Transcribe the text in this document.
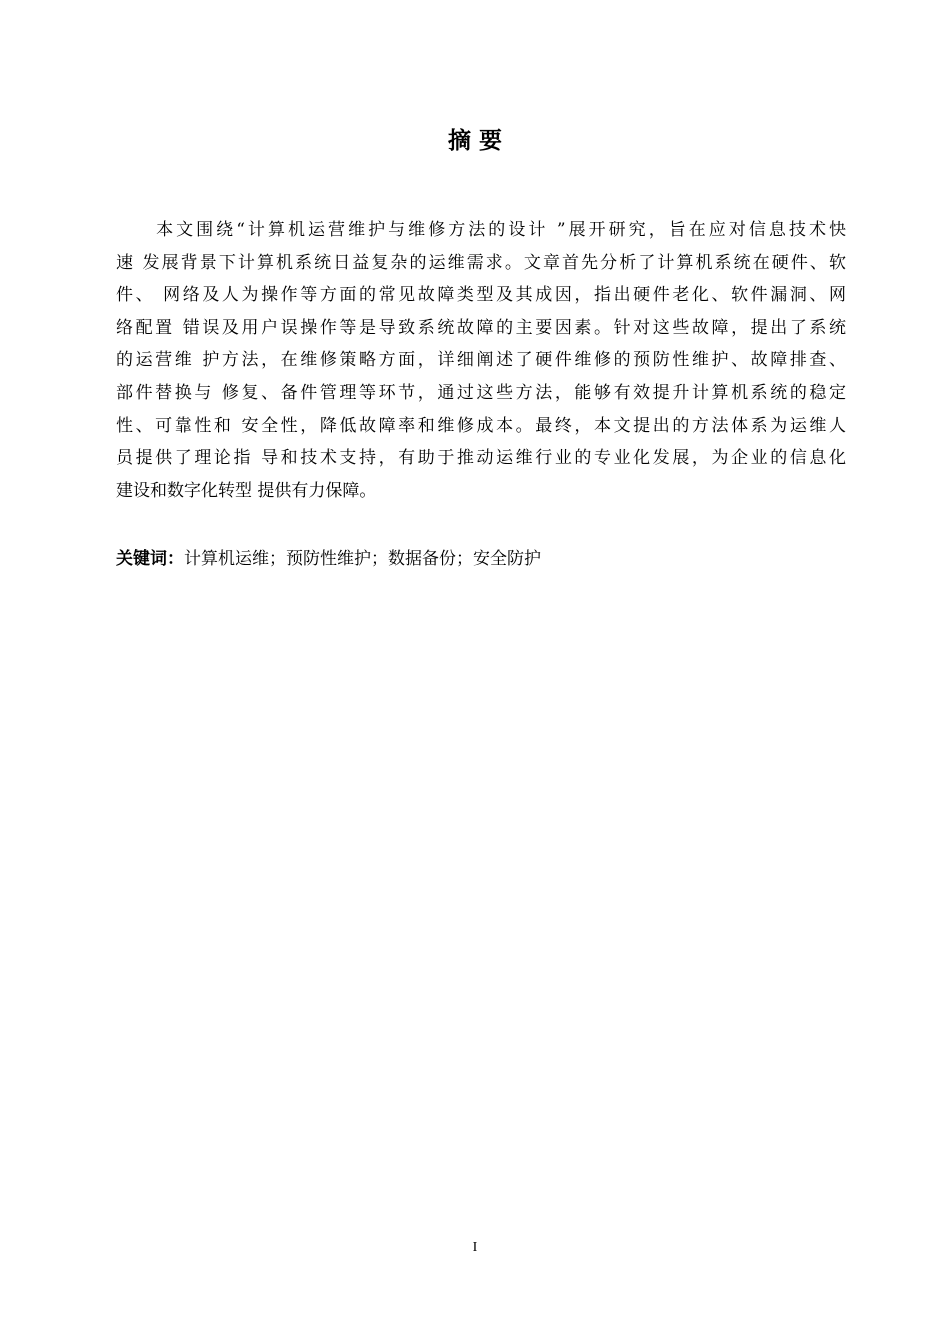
摘 要
　　本文围绕“计算机运营维护与维修方法的设计 ”展开研究，旨在应对信息技术快
速 发展背景下计算机系统日益复杂的运维需求。文章首先分析了计算机系统在硬件、软
件、 网络及人为操作等方面的常见故障类型及其成因，指出硬件老化、软件漏洞、网
络配置 错误及用户误操作等是导致系统故障的主要因素。针对这些故障，提出了系统
的运营维 护方法，在维修策略方面，详细阐述了硬件维修的预防性维护、故障排查、
部件替换与 修复、备件管理等环节，通过这些方法，能够有效提升计算机系统的稳定
性、可靠性和 安全性，降低故障率和维修成本。最终，本文提出的方法体系为运维人
员提供了理论指 导和技术支持，有助于推动运维行业的专业化发展，为企业的信息化
建设和数字化转型 提供有力保障。

关键词：计算机运维；预防性维护；数据备份；安全防护

I
